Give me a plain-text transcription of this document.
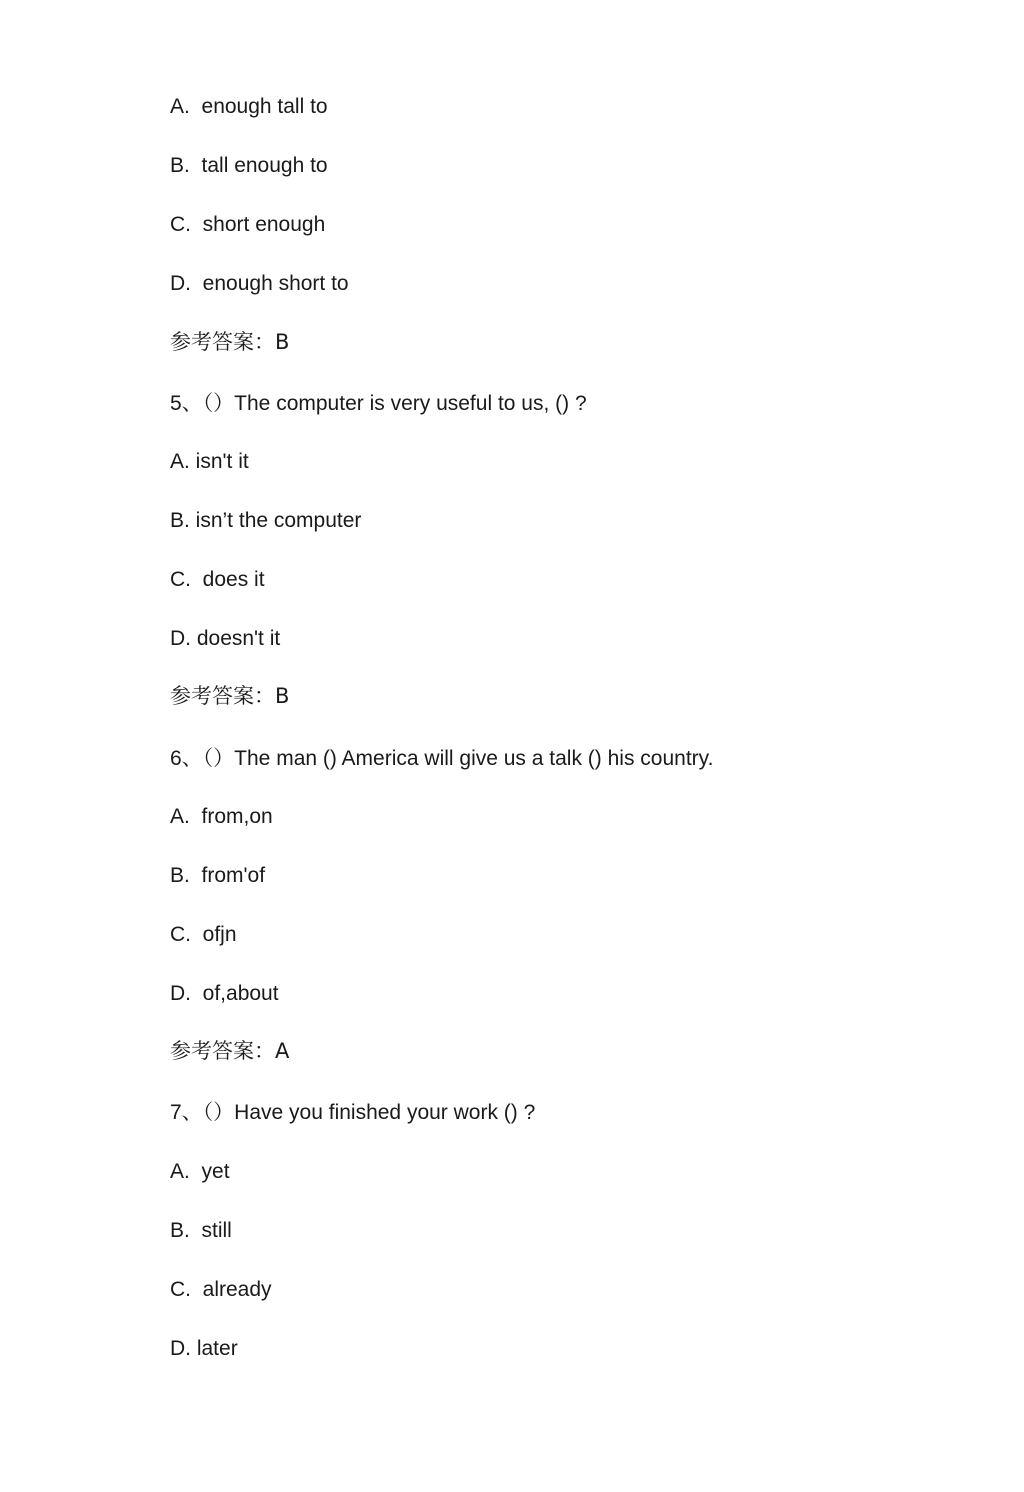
A.  enough tall to
B.  tall enough to
C.  short enough
D.  enough short to
参考答案：B
5、（）The computer is very useful to us, () ?
A. isn't it
B. isn’t the computer
C.  does it
D. doesn't it
参考答案：B
6、（）The man () America will give us a talk () his country.
A.  from,on
B.  from'of
C.  ofjn
D.  of,about
参考答案：A
7、（）Have you finished your work () ?
A.  yet
B.  still
C.  already
D. later
